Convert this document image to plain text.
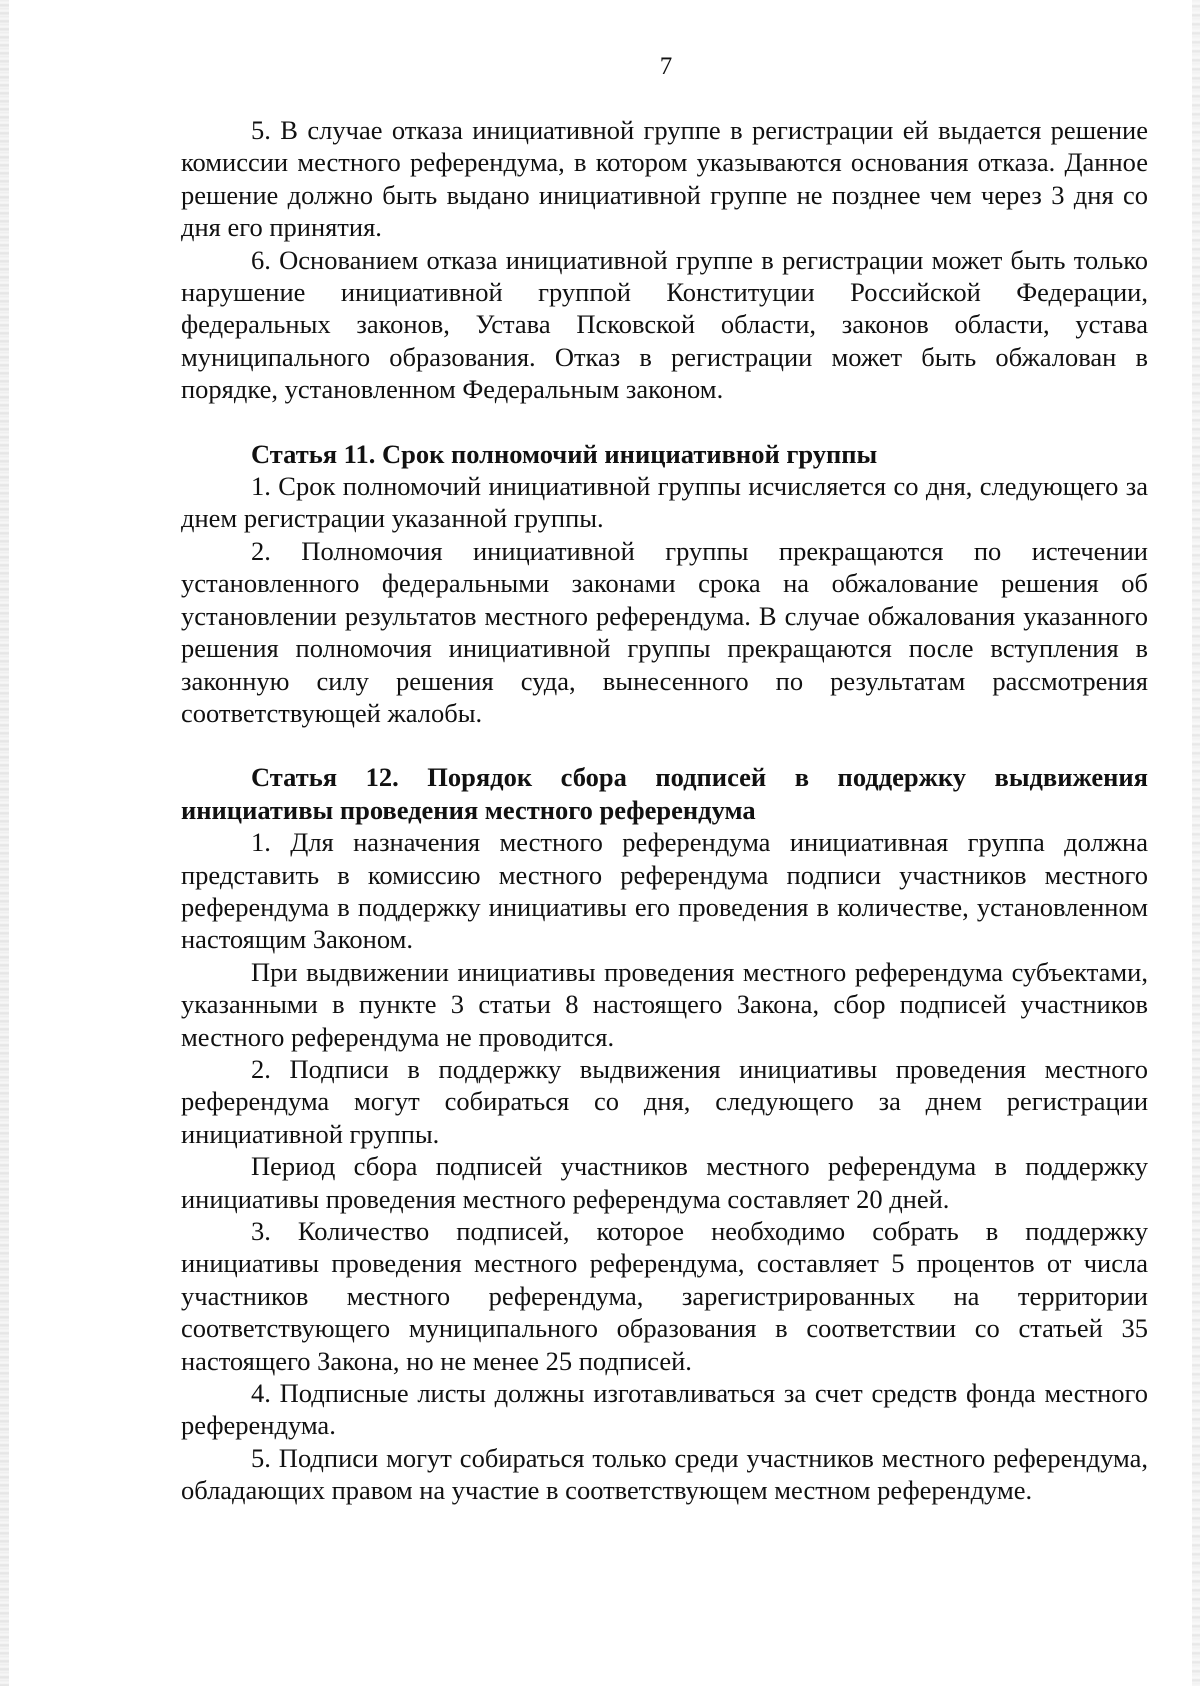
7

5. В случае отказа инициативной группе в регистрации ей выдается решение комиссии местного референдума, в котором указываются основания отказа. Данное решение должно быть выдано инициативной группе не позднее чем через 3 дня со дня его принятия.

6. Основанием отказа инициативной группе в регистрации может быть только нарушение инициативной группой Конституции Российской Федерации, федеральных законов, Устава Псковской области, законов области, устава муниципального образования. Отказ в регистрации может быть обжалован в порядке, установленном Федеральным законом.

Статья 11. Срок полномочий инициативной группы

1. Срок полномочий инициативной группы исчисляется со дня, следующего за днем регистрации указанной группы.

2. Полномочия инициативной группы прекращаются по истечении установленного федеральными законами срока на обжалование решения об установлении результатов местного референдума. В случае обжалования указанного решения полномочия инициативной группы прекращаются после вступления в законную силу решения суда, вынесенного по результатам рассмотрения соответствующей жалобы.

Статья 12. Порядок сбора подписей в поддержку выдвижения инициативы проведения местного референдума

1. Для назначения местного референдума инициативная группа должна представить в комиссию местного референдума подписи участников местного референдума в поддержку инициативы его проведения в количестве, установленном настоящим Законом.

При выдвижении инициативы проведения местного референдума субъектами, указанными в пункте 3 статьи 8 настоящего Закона, сбор подписей участников местного референдума не проводится.

2. Подписи в поддержку выдвижения инициативы проведения местного референдума могут собираться со дня, следующего за днем регистрации инициативной группы.

Период сбора подписей участников местного референдума в поддержку инициативы проведения местного референдума составляет 20 дней.

3. Количество подписей, которое необходимо собрать в поддержку инициативы проведения местного референдума, составляет 5 процентов от числа участников местного референдума, зарегистрированных на территории соответствующего муниципального образования в соответствии со статьей 35 настоящего Закона, но не менее 25 подписей.

4. Подписные листы должны изготавливаться за счет средств фонда местного референдума.

5. Подписи могут собираться только среди участников местного референдума, обладающих правом на участие в соответствующем местном референдуме.
